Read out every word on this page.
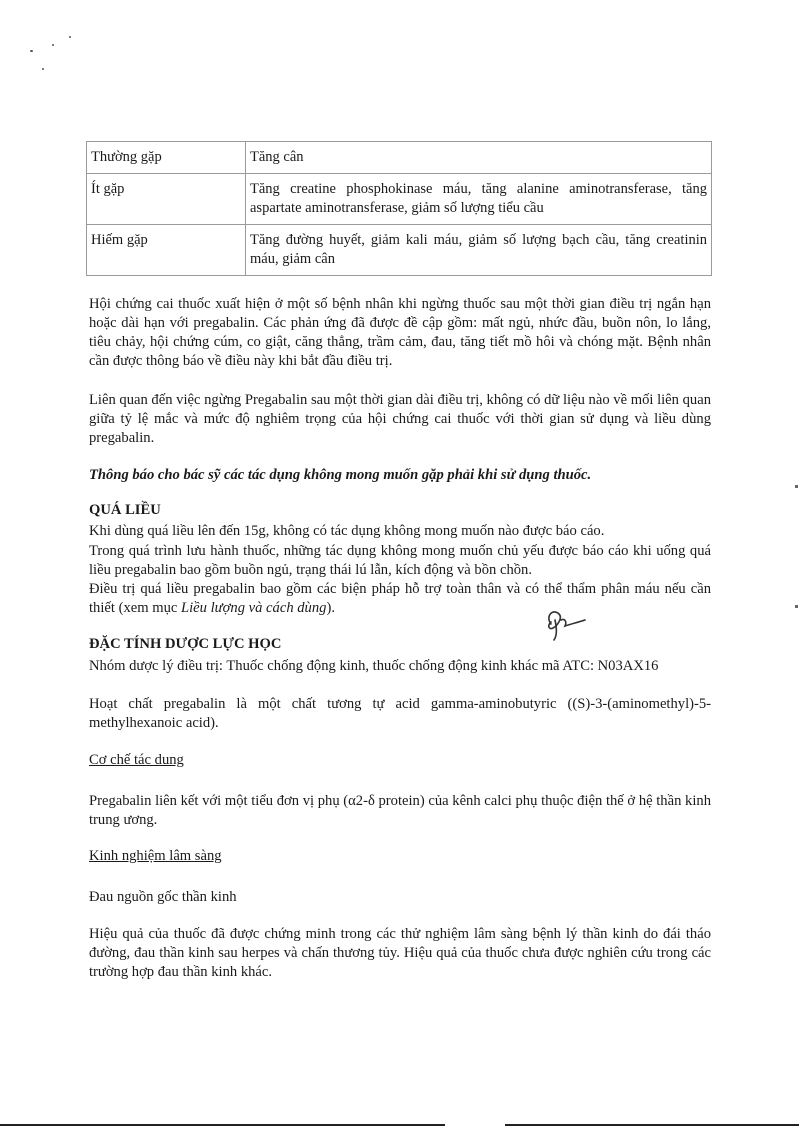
Thường gặp	Tăng cân
Ít gặp	Tăng creatine phosphokinase máu, tăng alanine aminotransferase, tăng aspartate aminotransferase, giảm số lượng tiểu cầu
Hiếm gặp	Tăng đường huyết, giảm kali máu, giảm số lượng bạch cầu, tăng creatinin máu, giảm cân

Hội chứng cai thuốc xuất hiện ở một số bệnh nhân khi ngừng thuốc sau một thời gian điều trị ngắn hạn hoặc dài hạn với pregabalin. Các phản ứng đã được đề cập gồm: mất ngủ, nhức đầu, buồn nôn, lo lắng, tiêu chảy, hội chứng cúm, co giật, căng thẳng, trầm cảm, đau, tăng tiết mồ hôi và chóng mặt. Bệnh nhân cần được thông báo về điều này khi bắt đầu điều trị.

Liên quan đến việc ngừng Pregabalin sau một thời gian dài điều trị, không có dữ liệu nào về mối liên quan giữa tỷ lệ mắc và mức độ nghiêm trọng của hội chứng cai thuốc với thời gian sử dụng và liều dùng pregabalin.

Thông báo cho bác sỹ các tác dụng không mong muốn gặp phải khi sử dụng thuốc.

QUÁ LIỀU

Khi dùng quá liều lên đến 15g, không có tác dụng không mong muốn nào được báo cáo.

Trong quá trình lưu hành thuốc, những tác dụng không mong muốn chủ yếu được báo cáo khi uống quá liều pregabalin bao gồm buồn ngủ, trạng thái lú lẫn, kích động và bồn chồn.

Điều trị quá liều pregabalin bao gồm các biện pháp hỗ trợ toàn thân và có thể thẩm phân máu nếu cần thiết (xem mục Liều lượng và cách dùng).

ĐẶC TÍNH DƯỢC LỰC HỌC

Nhóm dược lý điều trị: Thuốc chống động kinh, thuốc chống động kinh khác mã ATC: N03AX16

Hoạt chất pregabalin là một chất tương tự acid gamma-aminobutyric ((S)-3-(aminomethyl)-5-methylhexanoic acid).

Cơ chế tác dung

Pregabalin liên kết với một tiểu đơn vị phụ (α2-δ protein) của kênh calci phụ thuộc điện thế ở hệ thần kinh trung ương.

Kinh nghiệm lâm sàng

Đau nguồn gốc thần kinh

Hiệu quả của thuốc đã được chứng minh trong các thử nghiệm lâm sàng bệnh lý thần kinh do đái tháo đường, đau thần kinh sau herpes và chấn thương tủy. Hiệu quả của thuốc chưa được nghiên cứu trong các trường hợp đau thần kinh khác.
